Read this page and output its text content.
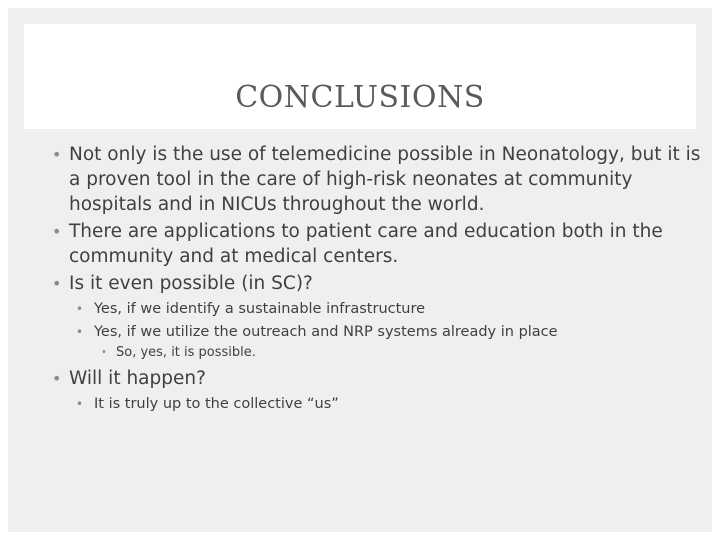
CONCLUSIONS
• Not only is the use of telemedicine possible in Neonatology, but it is a proven tool in the care of high-risk neonates at community hospitals and in NICUs throughout the world.
• There are applications to patient care and education both in the community and at medical centers.
• Is it even possible (in SC)?
• Yes, if we identify a sustainable infrastructure
• Yes, if we utilize the outreach and NRP systems already in place
• So, yes, it is possible.
• Will it happen?
• It is truly up to the collective “us”
